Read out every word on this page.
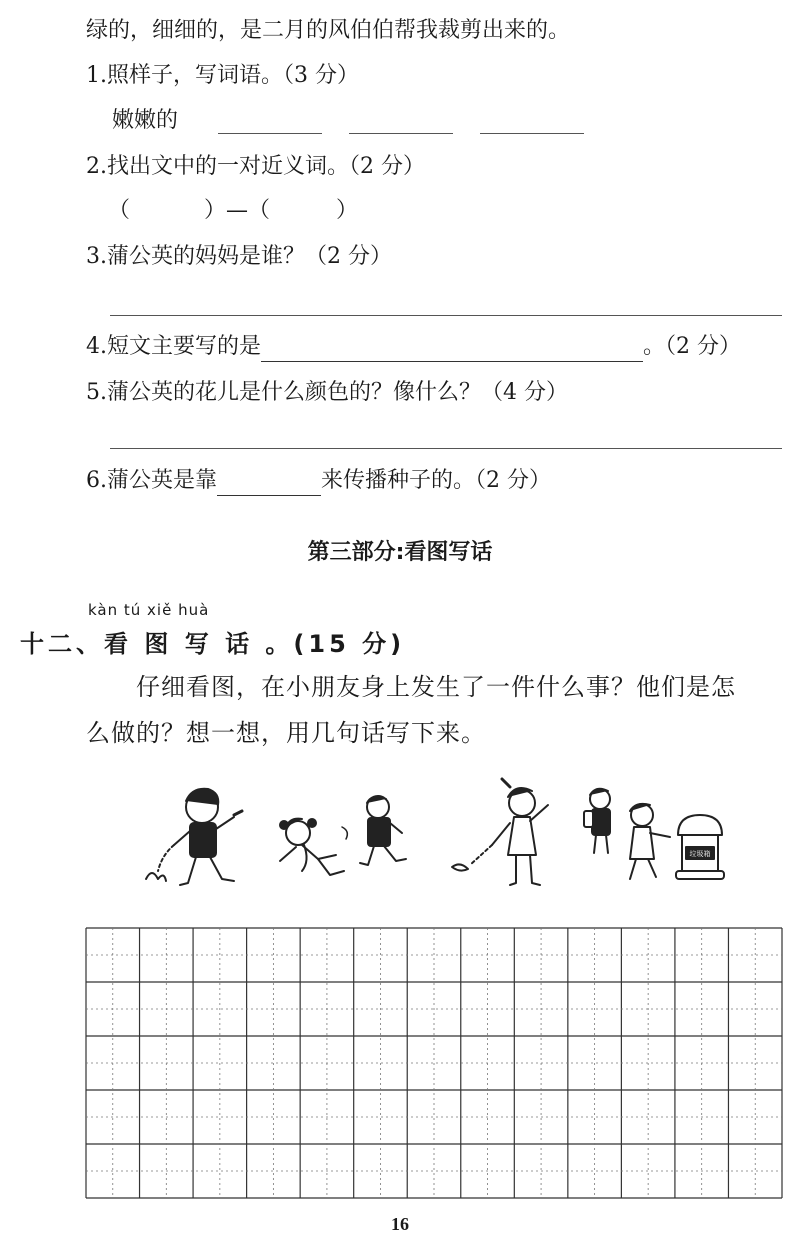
绿的，细细的，是二月的风伯伯帮我裁剪出来的。
1.照样子，写词语。（3 分）
嫩嫩的
2.找出文中的一对近义词。（2 分）
（	）—（	）
3.蒲公英的妈妈是谁？（2 分）
4.短文主要写的是	。（2 分）
5.蒲公英的花儿是什么颜色的？像什么？（4 分）
6.蒲公英是靠	来传播种子的。（2 分）
第三部分:看图写话
kàn tú xiě huà
十二、看 图 写 话 。(15 分)
仔细看图，在小朋友身上发生了一件什么事？他们是怎
么做的？想一想，用几句话写下来。
垃圾箱
16
